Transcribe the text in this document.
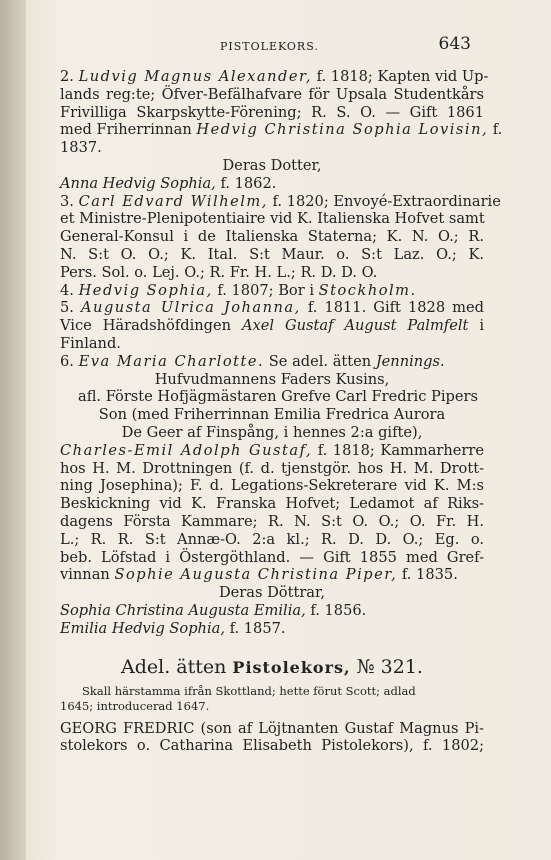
PISTOLEKORS.	643
2. Ludvig Magnus Alexander, f. 1818; Kapten vid Up-
lands reg:te; Öfver-Befälhafvare för Upsala Studentkårs
Frivilliga Skarpskytte-Förening; R. S. O. — Gift 1861
med Friherrinnan Hedvig Christina Sophia Lovisin, f.
1837.
Deras Dotter,
Anna Hedvig Sophia, f. 1862.
3. Carl Edvard Wilhelm, f. 1820; Envoyé-Extraordinarie
et Ministre-Plenipotentiaire vid K. Italienska Hofvet samt
General-Konsul i de Italienska Staterna; K. N. O.; R.
N. S:t O. O.; K. Ital. S:t Maur. o. S:t Laz. O.; K.
Pers. Sol. o. Lej. O.; R. Fr. H. L.; R. D. D. O.
4. Hedvig Sophia, f. 1807; Bor i Stockholm.
5. Augusta Ulrica Johanna, f. 1811. Gift 1828 med
Vice Häradshöfdingen Axel Gustaf August Palmfelt i
Finland.
6. Eva Maria Charlotte. Se adel. ätten Jennings.
Hufvudmannens Faders Kusins,
afl. Förste Hofjägmästaren Grefve Carl Fredric Pipers
Son (med Friherrinnan Emilia Fredrica Aurora
De Geer af Finspång, i hennes 2:a gifte),
Charles-Emil Adolph Gustaf, f. 1818; Kammarherre
hos H. M. Drottningen (f. d. tjenstgör. hos H. M. Drott-
ning Josephina); F. d. Legations-Sekreterare vid K. M:s
Beskickning vid K. Franska Hofvet; Ledamot af Riks-
dagens Första Kammare; R. N. S:t O. O.; O. Fr. H.
L.; R. R. S:t Annæ-O. 2:a kl.; R. D. D. O.; Eg. o.
beb. Löfstad i Östergöthland. — Gift 1855 med Gref-
vinnan Sophie Augusta Christina Piper, f. 1835.
Deras Döttrar,
Sophia Christina Augusta Emilia, f. 1856.
Emilia Hedvig Sophia, f. 1857.
Adel. ätten Pistolekors, № 321.
Skall härstamma ifrån Skottland; hette förut Scott; adlad
1645; introducerad 1647.
GEORG FREDRIC (son af Löjtnanten Gustaf Magnus Pi-
stolekors o. Catharina Elisabeth Pistolekors), f. 1802;
